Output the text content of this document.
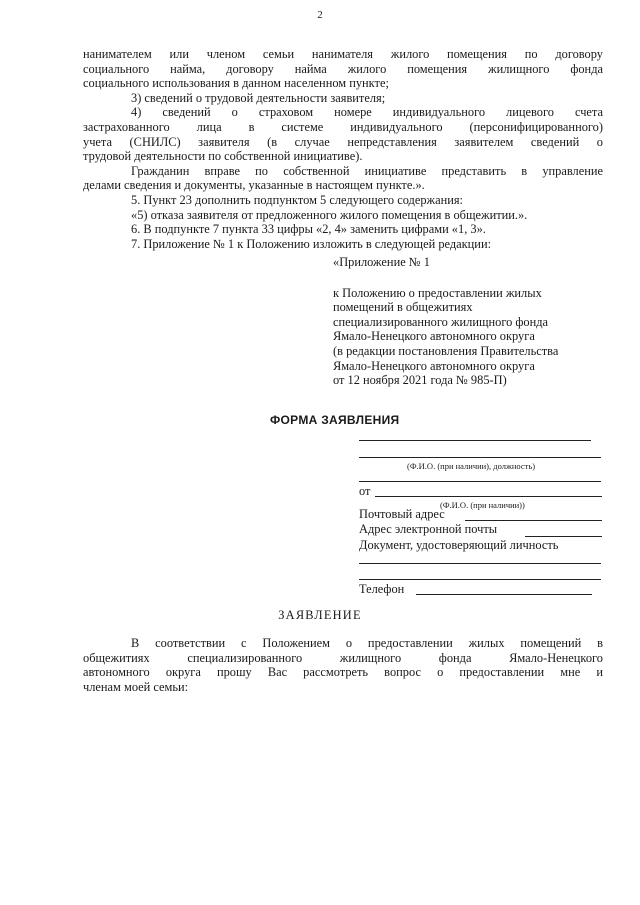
2

нанимателем или членом семьи нанимателя жилого помещения по договору

социального найма, договору найма жилого помещения жилищного фонда

социального использования в данном населенном пункте;

3) сведений о трудовой деятельности заявителя;

4) сведений о страховом номере индивидуального лицевого счета

застрахованного лица в системе индивидуального (персонифицированного)

учета (СНИЛС) заявителя (в случае непредставления заявителем сведений о

трудовой деятельности по собственной инициативе).

Гражданин вправе по собственной инициативе представить в управление

делами сведения и документы, указанные в настоящем пункте.».

5. Пункт 23 дополнить подпунктом 5 следующего содержания:

«5) отказа заявителя от предложенного жилого помещения в общежитии.».

6. В подпункте 7 пункта 33 цифры «2, 4» заменить цифрами «1, 3».

7. Приложение № 1 к Положению изложить в следующей редакции:

«Приложение № 1

к Положению о предоставлении жилых

помещений в общежитиях

специализированного жилищного фонда

Ямало-Ненецкого автономного округа

(в редакции постановления Правительства

Ямало-Ненецкого автономного округа

от 12 ноября 2021 года № 985-П)

ФОРМА ЗАЯВЛЕНИЯ
(Ф.И.О. (при наличии), должность)
от
(Ф.И.О. (при наличии))
Почтовый адрес
Адрес электронной почты
Документ, удостоверяющий личность
Телефон
ЗАЯВЛЕНИЕ

В соответствии с Положением о предоставлении жилых помещений в

общежитиях специализированного жилищного фонда Ямало-Ненецкого

автономного округа прошу Вас рассмотреть вопрос о предоставлении мне и

членам моей семьи:
